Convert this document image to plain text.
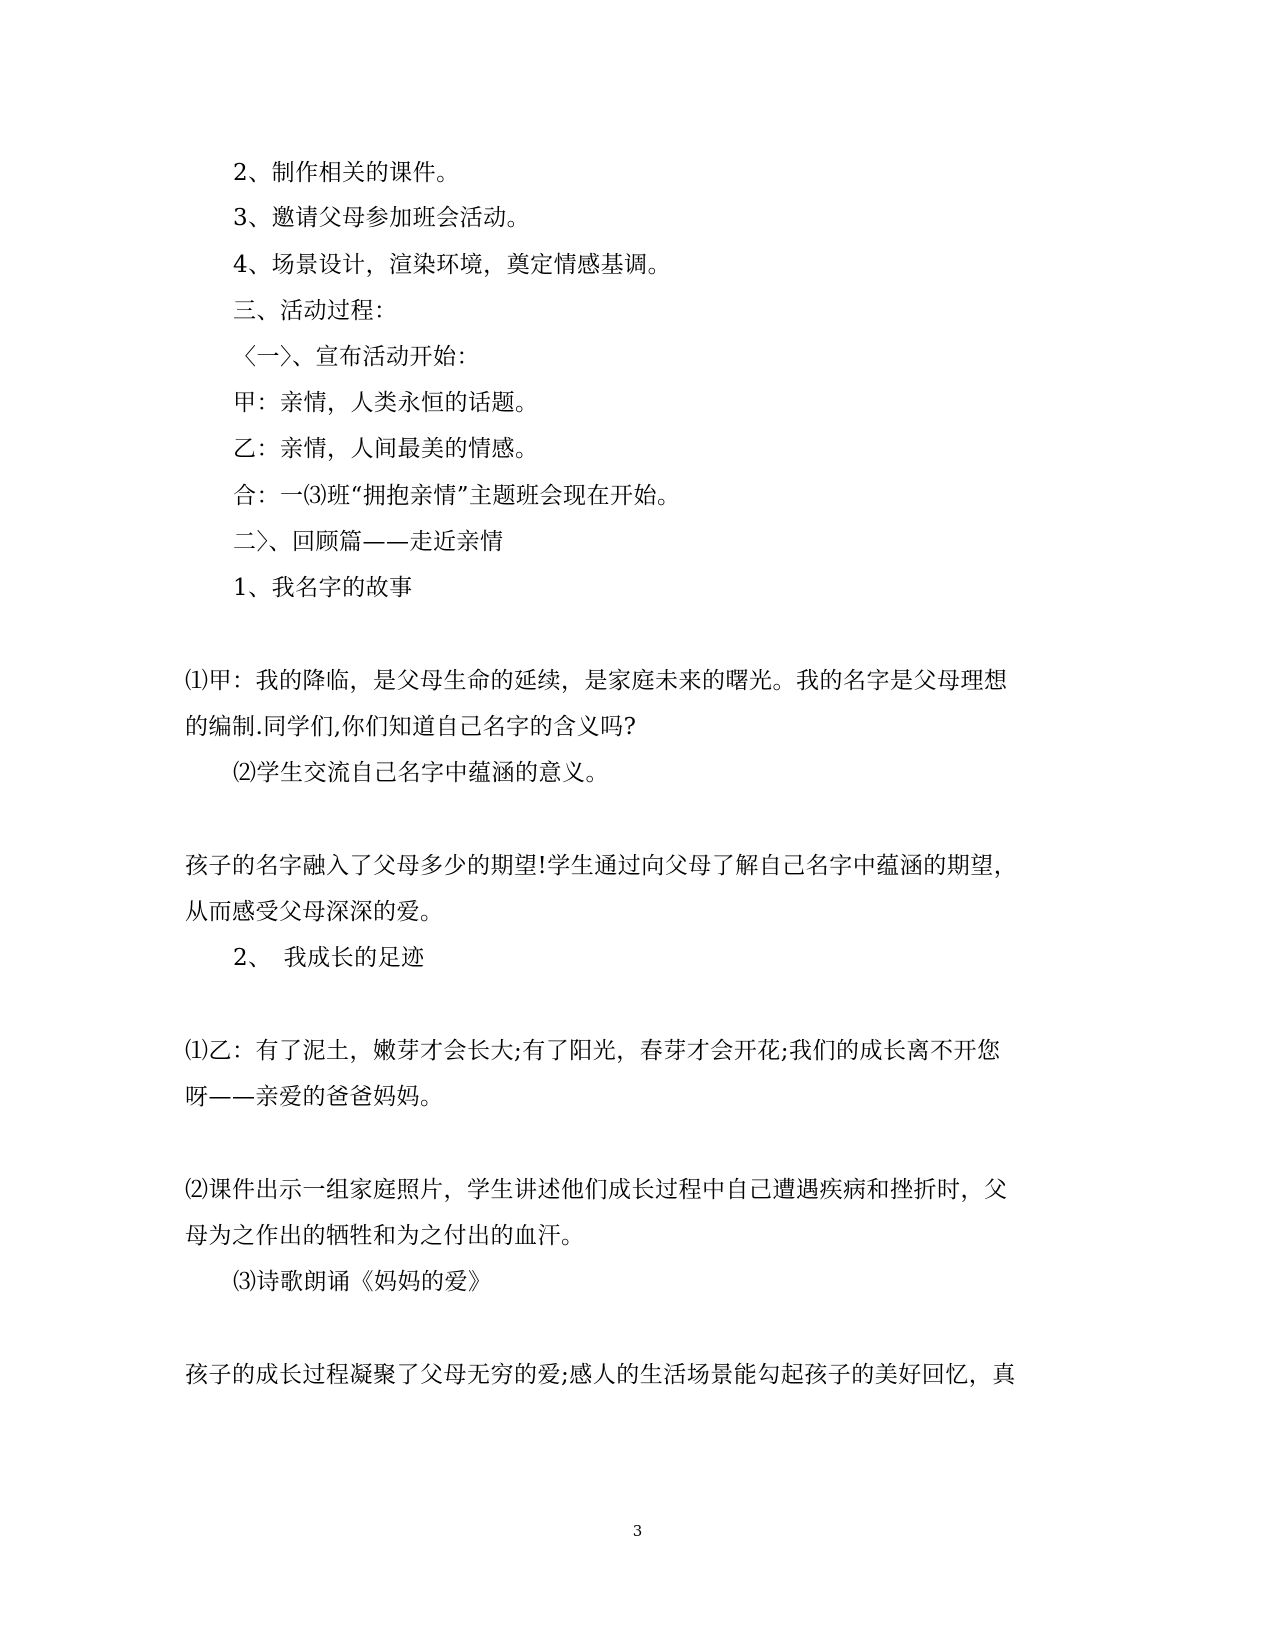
2、制作相关的课件。
3、邀请父母参加班会活动。
4、场景设计，渲染环境，奠定情感基调。
三、活动过程：
〈一〉、宣布活动开始：
甲：亲情，人类永恒的话题。
乙：亲情，人间最美的情感。
合：一⑶班“拥抱亲情”主题班会现在开始。
二〉、回顾篇——走近亲情
1、我名字的故事
⑴甲：我的降临，是父母生命的延续，是家庭未来的曙光。我的名字是父母理想
的编制.同学们,你们知道自己名字的含义吗?
⑵学生交流自己名字中蕴涵的意义。
孩子的名字融入了父母多少的期望!学生通过向父母了解自己名字中蕴涵的期望，
从而感受父母深深的爱。
2、　我成长的足迹
⑴乙：有了泥土，嫩芽才会长大;有了阳光，春芽才会开花;我们的成长离不开您
呀——亲爱的爸爸妈妈。
⑵课件出示一组家庭照片，学生讲述他们成长过程中自己遭遇疾病和挫折时，父
母为之作出的牺牲和为之付出的血汗。
⑶诗歌朗诵《妈妈的爱》
孩子的成长过程凝聚了父母无穷的爱;感人的生活场景能勾起孩子的美好回忆，真
3
